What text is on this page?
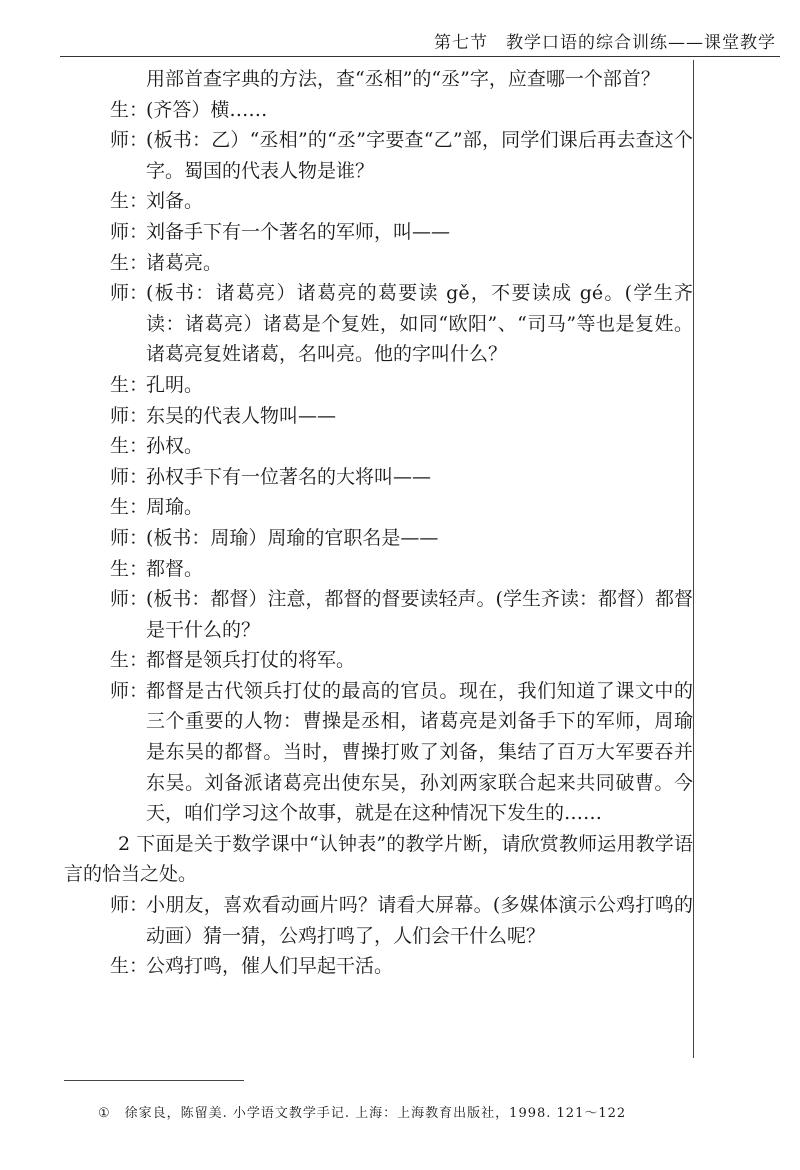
第七节　教学口语的综合训练——课堂教学
用部首查字典的方法，查“丞相”的“丞”字，应查哪一个部首？
生：
(齐答）横……
师：
(板书：乙）“丞相”的“丞”字要查“乙”部，同学们课后再去查这个字。蜀国的代表人物是谁？
生：
刘备。
师：
刘备手下有一个著名的军师，叫——
生：
诸葛亮。
师：
(板书：诸葛亮）诸葛亮的葛要读 gě，不要读成 gé。(学生齐读：诸葛亮）诸葛是个复姓，如同“欧阳”、“司马”等也是复姓。诸葛亮复姓诸葛，名叫亮。他的字叫什么？
生：
孔明。
师：
东吴的代表人物叫——
生：
孙权。
师：
孙权手下有一位著名的大将叫——
生：
周瑜。
师：
(板书：周瑜）周瑜的官职名是——
生：
都督。
师：
(板书：都督）注意，都督的督要读轻声。(学生齐读：都督）都督是干什么的？
生：
都督是领兵打仗的将军。
师：
都督是古代领兵打仗的最高的官员。现在，我们知道了课文中的三个重要的人物：曹操是丞相，诸葛亮是刘备手下的军师，周瑜是东吴的都督。当时，曹操打败了刘备，集结了百万大军要吞并东吴。刘备派诸葛亮出使东吴，孙刘两家联合起来共同破曹。今天，咱们学习这个故事，就是在这种情况下发生的……
2 下面是关于数学课中“认钟表”的教学片断，请欣赏教师运用教学语言的恰当之处。
师：
小朋友，喜欢看动画片吗？请看大屏幕。(多媒体演示公鸡打鸣的动画）猜一猜，公鸡打鸣了，人们会干什么呢？
生：
公鸡打鸣，催人们早起干活。
① 徐家良，陈留美. 小学语文教学手记. 上海：上海教育出版社，1998. 121～122
